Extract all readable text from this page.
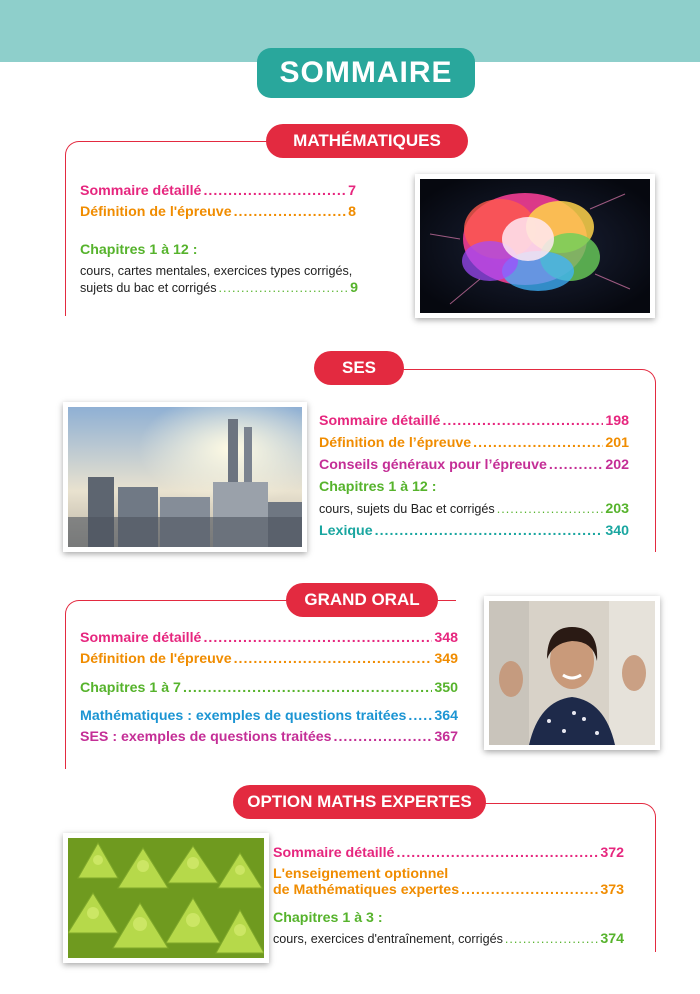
SOMMAIRE
MATHÉMATIQUES
Sommaire détaillé .....	7
Définition de l'épreuve .....	8
Chapitres 1 à 12 :
cours, cartes mentales, exercices types corrigés,
sujets du bac et corrigés .....	9
SES
Sommaire détaillé .....	198
Définition de l’épreuve .....	201
Conseils généraux pour l’épreuve .....	202
Chapitres 1 à 12 :
cours, sujets du Bac et corrigés .....	203
Lexique .....	340
GRAND ORAL
Sommaire détaillé .....	348
Définition de l'épreuve .....	349
Chapitres 1 à 7 .....	350
Mathématiques : exemples de questions traitées ..... 364
SES : exemples de questions traitées .....	367
OPTION MATHS EXPERTES
Sommaire détaillé .....	372
L'enseignement optionnel
de Mathématiques expertes .....	373
Chapitres 1 à 3 :
cours, exercices d'entraînement, corrigés .....	374
